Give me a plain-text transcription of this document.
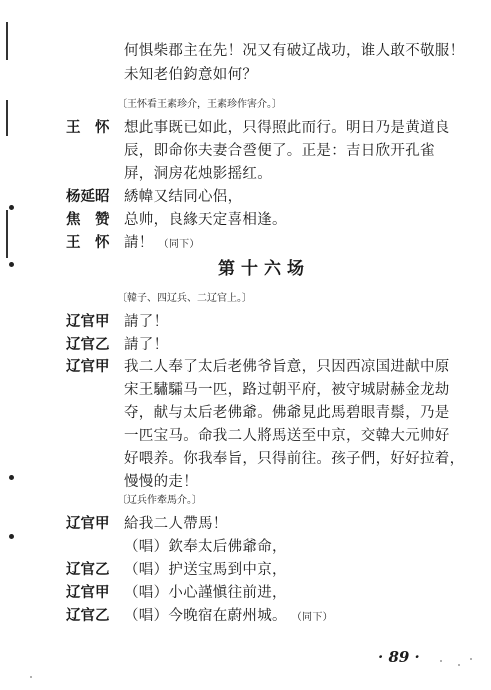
何惧柴郡主在先！况又有破辽战功，谁人敢不敬服！
未知老伯鈞意如何？
〔王怀看王素珍介，王素珍作害介。〕
王　怀 想此事既已如此，只得照此而行。明日乃是黄道良
辰，即命你夫妻合巹便了。正是：吉日欣开孔雀
屏，洞房花烛影摇红。
杨延昭 綉幃又结同心侶，
焦　赞 总帅，良緣天定喜相逢。
王　怀 請！ （同下）
第十六场
〔韓子、四辽兵、二辽官上。〕
辽官甲 請了！
辽官乙 請了！
辽官甲 我二人奉了太后老佛爷旨意，只因西凉国进献中原
宋王驌驦马一匹，路过朝平府，被守城尉赫金龙劫
夺，献与太后老佛爺。佛爺見此馬碧眼青鬃，乃是
一匹宝马。命我二人將馬送至中京，交韓大元帅好
好喂养。你我奉旨，只得前往。孩子們，好好拉着，
慢慢的走！
〔辽兵作牽馬介。〕
辽官甲 給我二人帶馬！
（唱）欽奉太后佛爺命，
辽官乙 （唱）护送宝馬到中京，
辽官甲 （唱）小心謹愼往前进，
辽官乙 （唱）今晚宿在蔚州城。 （同下）
· 89 ·
